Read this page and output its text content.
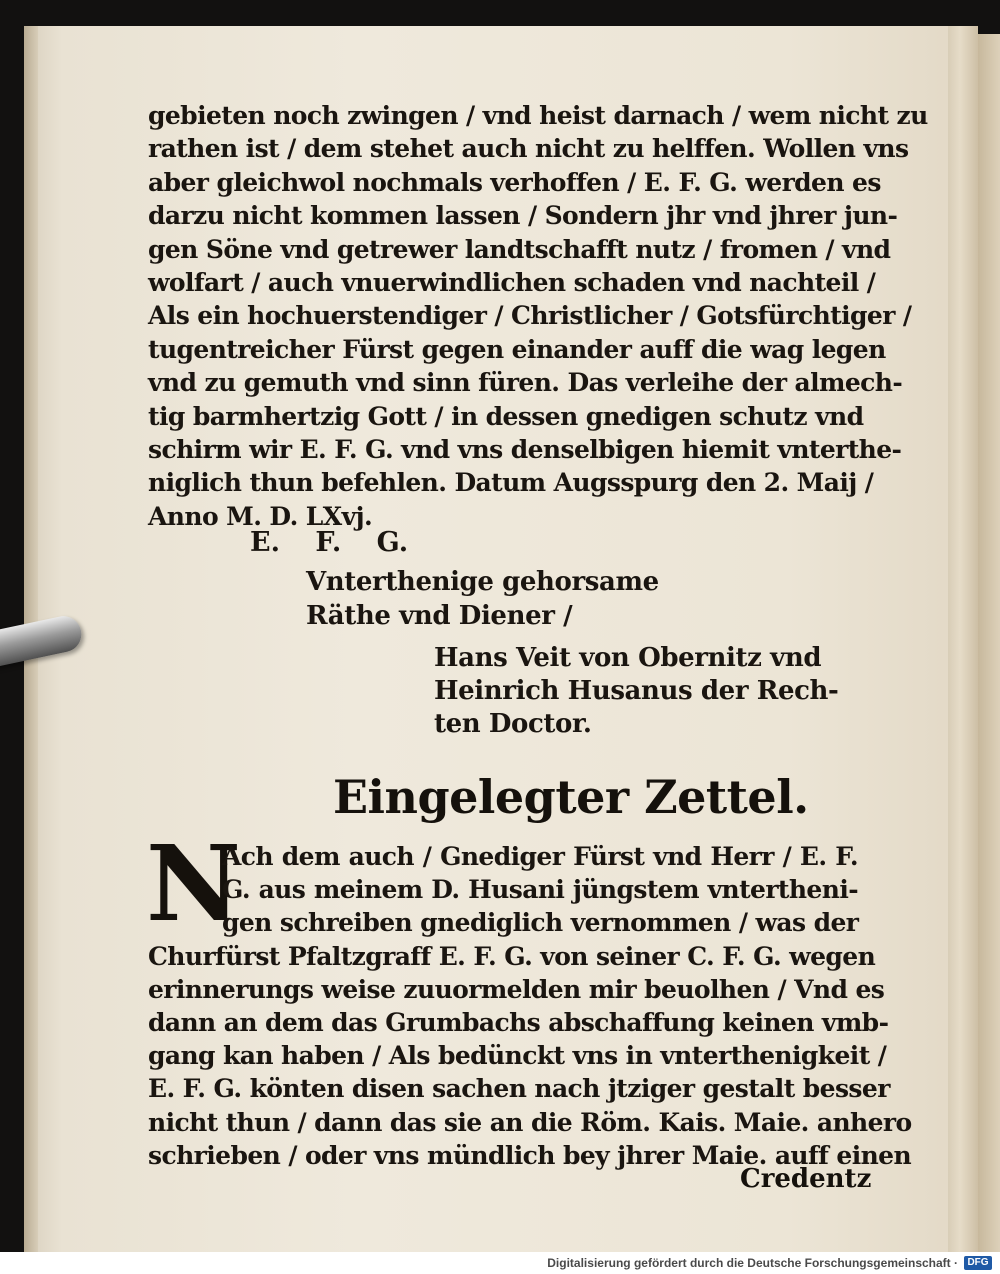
gebieten noch zwingen / vnd heist darnach / wem nicht zu
rathen ist / dem stehet auch nicht zu helffen. Wollen vns
aber gleichwol nochmals verhoffen / E. F. G. werden es
darzu nicht kommen lassen / Sondern jhr vnd jhrer jun-
gen Söne vnd getrewer landtschafft nutz / fromen / vnd
wolfart / auch vnuerwindlichen schaden vnd nachteil /
Als ein hochuerstendiger / Christlicher / Gotsfürchtiger /
tugentreicher Fürst gegen einander auff die wag legen
vnd zu gemuth vnd sinn füren. Das verleihe der almech-
tig barmhertzig Gott / in dessen gnedigen schutz vnd
schirm wir E. F. G. vnd vns denselbigen hiemit vnterthe-
niglich thun befehlen. Datum Augsspurg den 2. Maij /
Anno M. D. LXvj.
E. F. G.
Vnterthenige gehorsame
Räthe vnd Diener /
Hans Veit von Obernitz vnd
Heinrich Husanus der Rech-
ten Doctor.
Eingelegter Zettel.
N
Ach dem auch / Gnediger Fürst vnd Herr / E. F.
G. aus meinem D. Husani jüngstem vntertheni-
gen schreiben gnediglich vernommen / was der
Churfürst Pfaltzgraff E. F. G. von seiner C. F. G. wegen
erinnerungs weise zuuormelden mir beuolhen / Vnd es
dann an dem das Grumbachs abschaffung keinen vmb-
gang kan haben / Als bedünckt vns in vnterthenigkeit /
E. F. G. könten disen sachen nach jtziger gestalt besser
nicht thun / dann das sie an die Röm. Kais. Maie. anhero
schrieben / oder vns mündlich bey jhrer Maie. auff einen
Credentz
Digitalisierung gefördert durch die Deutsche Forschungsgemeinschaft · DFG
